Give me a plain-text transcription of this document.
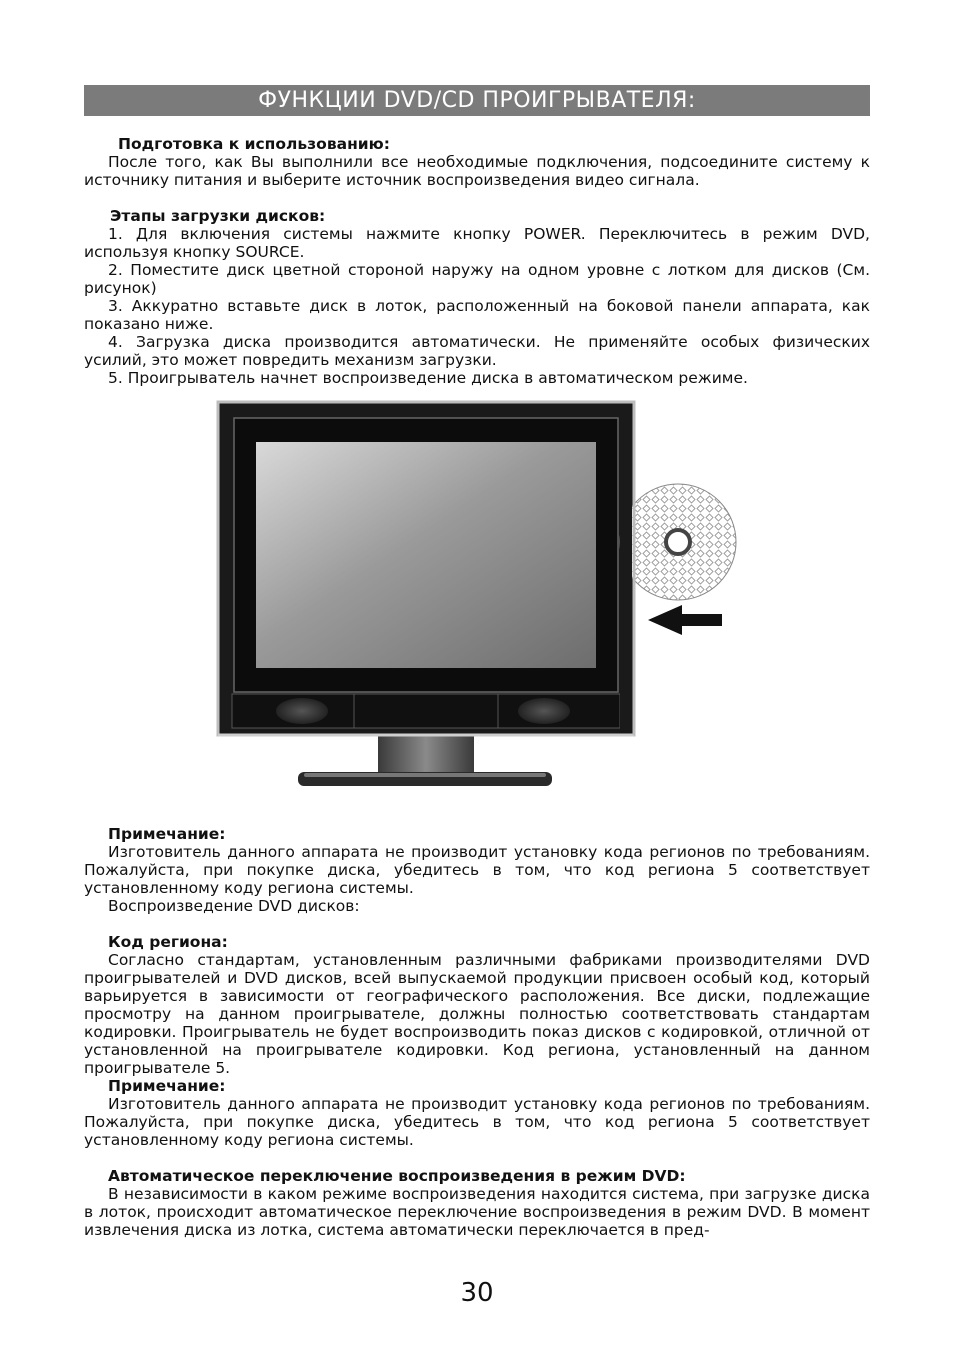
ФУНКЦИИ DVD/CD ПРОИГРЫВАТЕЛЯ:

Подготовка к использованию:

После того, как Вы выполнили все необходимые подключения, подсоедините систему к источнику питания и выберите источник воспроизведения видео сигнала.

Этапы загрузки дисков:

1. Для включения системы нажмите кнопку POWER. Переключитесь в режим DVD, используя кнопку SOURCE.

2. Поместите диск цветной стороной наружу на одном уровне с лотком для дисков (См. рисунок)

3. Аккуратно вставьте диск в лоток, расположенный на боковой панели аппарата, как показано ниже.

4. Загрузка диска производится автоматически. Не применяйте особых физических усилий, это может повредить механизм загрузки.

5. Проигрыватель начнет воспроизведение диска в автоматическом режиме.

Примечание:

Изготовитель данного аппарата не производит установку кода регионов по требованиям. Пожалуйста, при покупке диска, убедитесь в том, что код региона 5 соответствует установленному коду региона системы.

Воспроизведение DVD дисков:

Код региона:

Согласно стандартам, установленным различными фабриками производителями DVD проигрывателей и DVD дисков, всей выпускаемой продукции присвоен особый код, который варьируется в зависимости от географического расположения. Все диски, подлежащие просмотру на данном проигрывателе, должны полностью соответствовать стандартам кодировки. Проигрыватель не будет воспроизводить показ дисков с кодировкой, отличной от установленной на проигрывателе кодировки. Код региона, установленный на данном проигрывателе 5.

Примечание:

Изготовитель данного аппарата не производит установку кода регионов по требованиям. Пожалуйста, при покупке диска, убедитесь в том, что код региона 5 соответствует установленному коду региона системы.

Автоматическое переключение воспроизведения в режим DVD:

В независимости в каком режиме воспроизведения находится система, при загрузке диска в лоток, происходит автоматическое переключение воспроизведения в режим DVD. В момент извлечения диска из лотка, система автоматически переключается в пред-

30
